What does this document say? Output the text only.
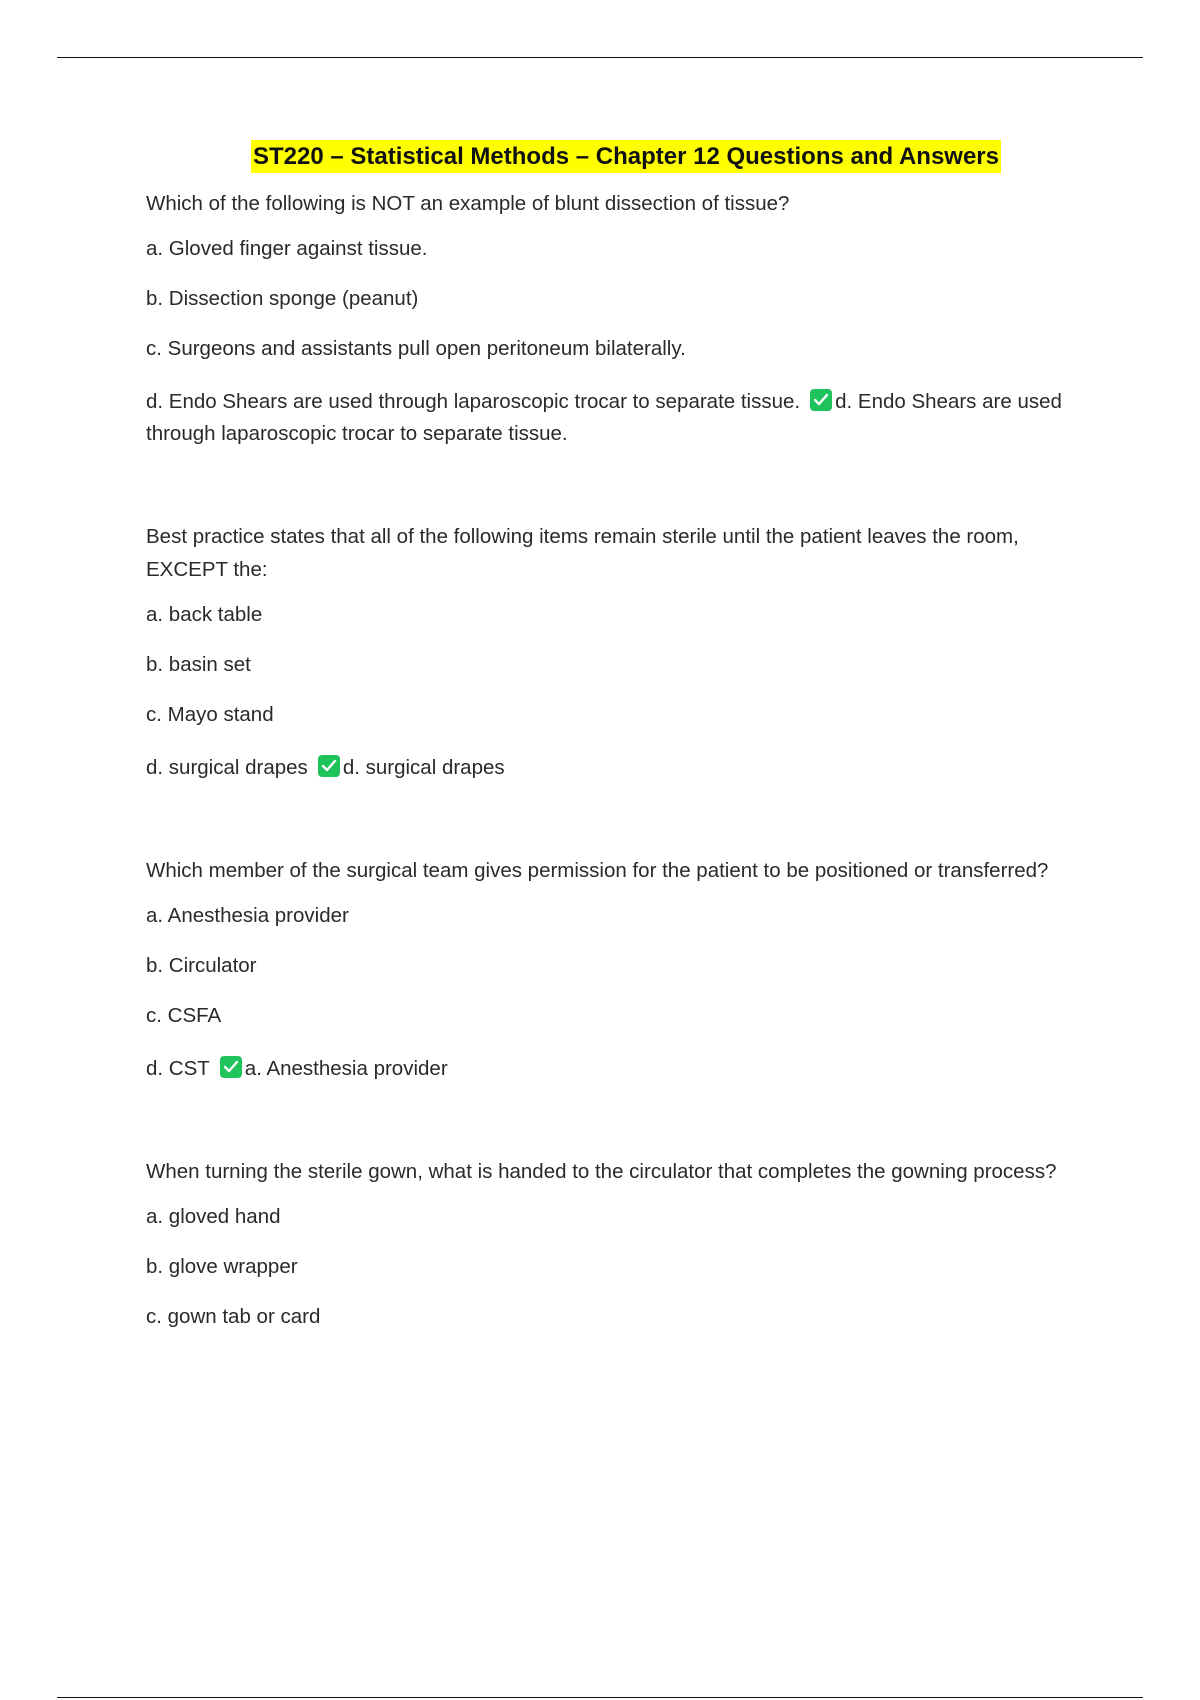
ST220 – Statistical Methods – Chapter 12 Questions and Answers

Which of the following is NOT an example of blunt dissection of tissue?

a. Gloved finger against tissue.

b. Dissection sponge (peanut)

c. Surgeons and assistants pull open peritoneum bilaterally.

d. Endo Shears are used through laparoscopic trocar to separate tissue. d. Endo Shears are used through laparoscopic trocar to separate tissue.

Best practice states that all of the following items remain sterile until the patient leaves the room, EXCEPT the:

a. back table

b. basin set

c. Mayo stand

d. surgical drapes d. surgical drapes

Which member of the surgical team gives permission for the patient to be positioned or transferred?

a. Anesthesia provider

b. Circulator

c. CSFA

d. CST a. Anesthesia provider

When turning the sterile gown, what is handed to the circulator that completes the gowning process?

a. gloved hand

b. glove wrapper

c. gown tab or card
